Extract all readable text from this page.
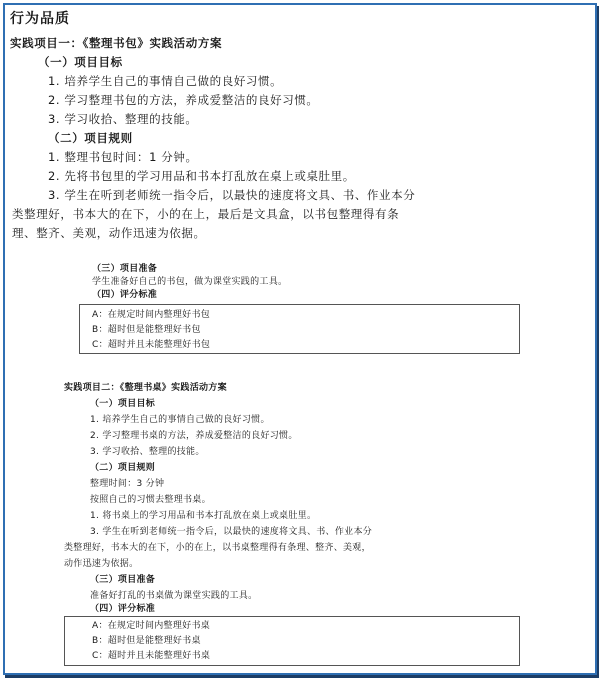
行为品质
实践项目一：《整理书包》实践活动方案
（一）项目目标
1. 培养学生自己的事情自己做的良好习惯。
2. 学习整理书包的方法，养成爱整洁的良好习惯。
3. 学习收拾、整理的技能。
（二）项目规则
1. 整理书包时间：1 分钟。
2. 先将书包里的学习用品和书本打乱放在桌上或桌肚里。
3. 学生在听到老师统一指令后，以最快的速度将文具、书、作业本分
类整理好，书本大的在下，小的在上，最后是文具盒，以书包整理得有条
理、整齐、美观，动作迅速为依据。
（三）项目准备
学生准备好自己的书包，做为课堂实践的工具。
（四）评分标准
A：在规定时间内整理好书包
B：超时但是能整理好书包
C：超时并且未能整理好书包
实践项目二：《整理书桌》实践活动方案
（一）项目目标
1. 培养学生自己的事情自己做的良好习惯。
2. 学习整理书桌的方法，养成爱整洁的良好习惯。
3. 学习收拾、整理的技能。
（二）项目规则
整理时间：3 分钟
按照自己的习惯去整理书桌。
1. 将书桌上的学习用品和书本打乱放在桌上或桌肚里。
3. 学生在听到老师统一指令后，以最快的速度将文具、书、作业本分
类整理好，书本大的在下，小的在上，以书桌整理得有条理、整齐、美观，
动作迅速为依据。
（三）项目准备
准备好打乱的书桌做为课堂实践的工具。
（四）评分标准
A：在规定时间内整理好书桌
B：超时但是能整理好书桌
C：超时并且未能整理好书桌
